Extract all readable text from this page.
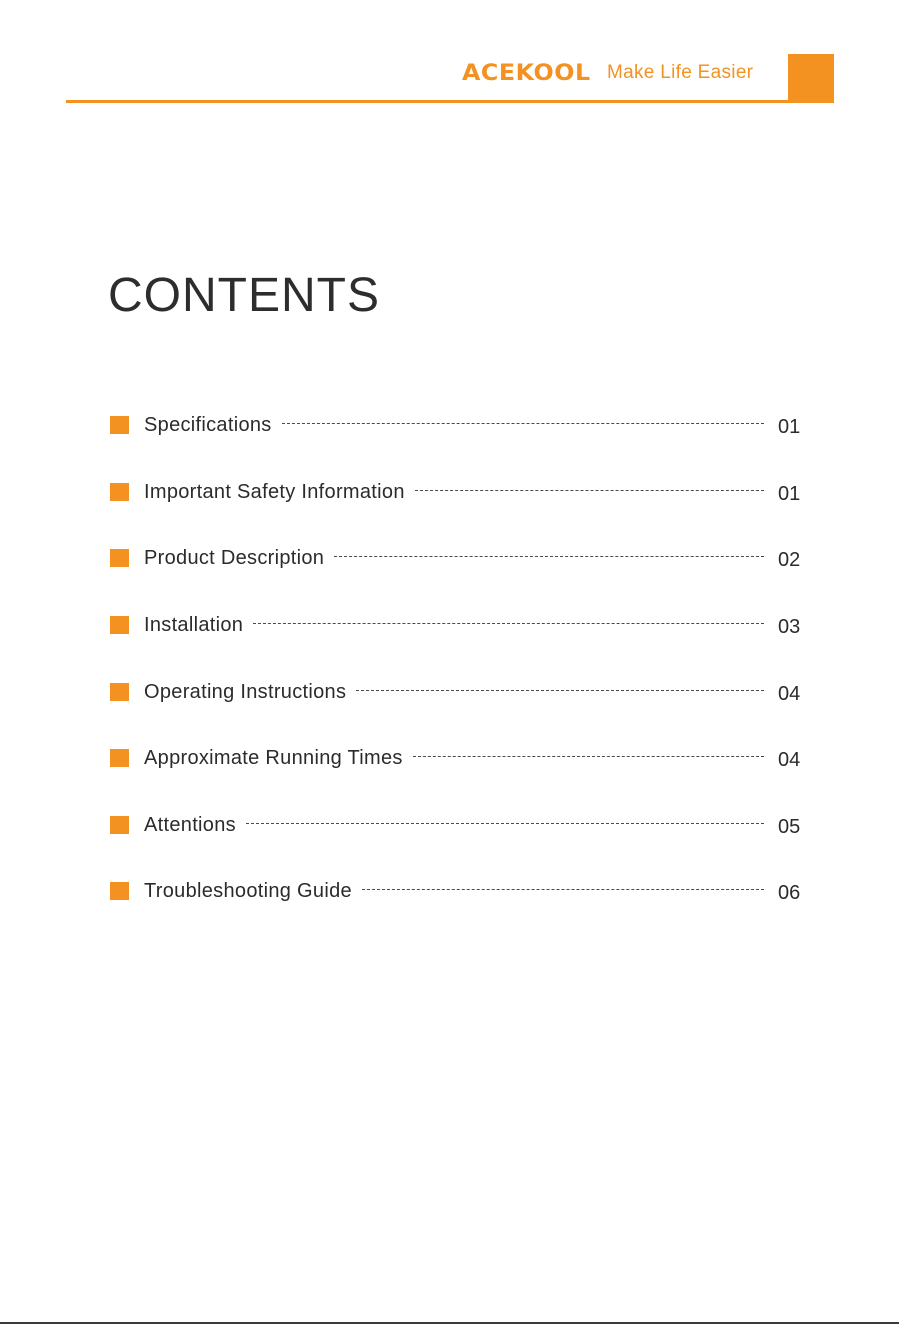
ACEKOOL Make Life Easier
CONTENTS
Specifications	01
Important Safety Information	01
Product Description	02
Installation	03
Operating Instructions	04
Approximate Running Times	04
Attentions	05
Troubleshooting Guide	06
